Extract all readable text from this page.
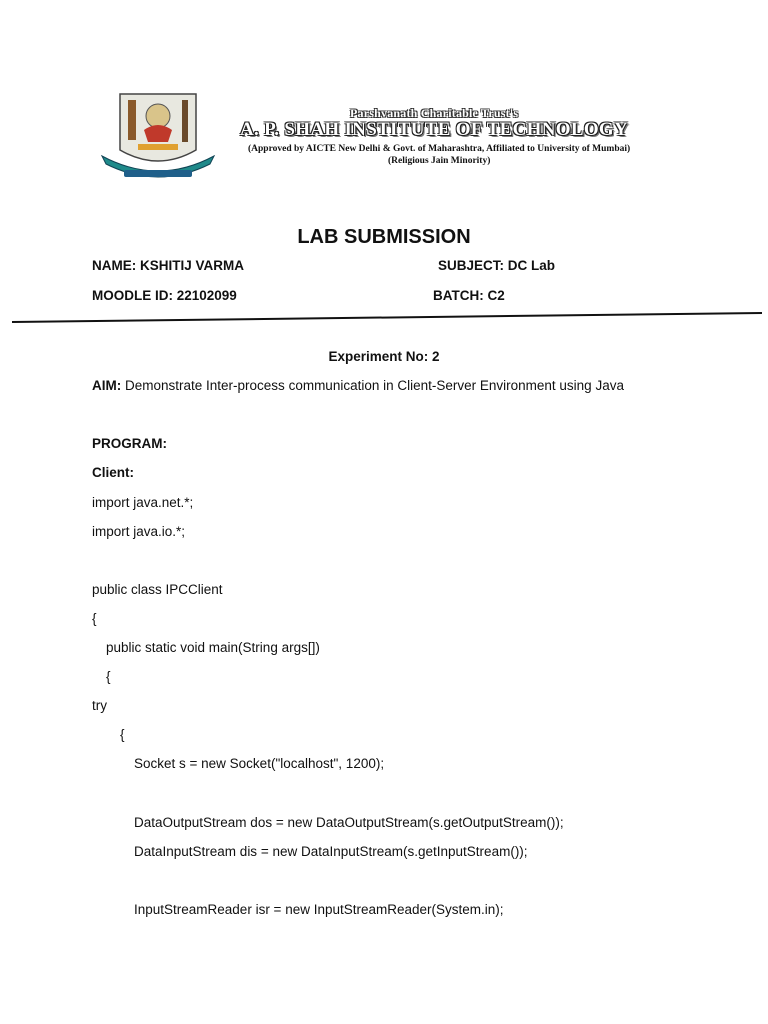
Parshvanath Charitable Trust's
A. P. SHAH INSTITUTE OF TECHNOLOGY
(Approved by AICTE New Delhi & Govt. of Maharashtra, Affiliated to University of Mumbai)
(Religious Jain Minority)
LAB SUBMISSION
NAME: KSHITIJ VARMA	SUBJECT: DC Lab
MOODLE ID: 22102099	BATCH: C2
Experiment No: 2
AIM: Demonstrate Inter-process communication in Client-Server Environment using Java
PROGRAM:
Client:
import java.net.*;
import java.io.*;
public class IPCClient
{
public static void main(String args[])
{
try
{
Socket s = new Socket("localhost", 1200);
DataOutputStream dos = new DataOutputStream(s.getOutputStream());
DataInputStream dis = new DataInputStream(s.getInputStream());
InputStreamReader isr = new InputStreamReader(System.in);
